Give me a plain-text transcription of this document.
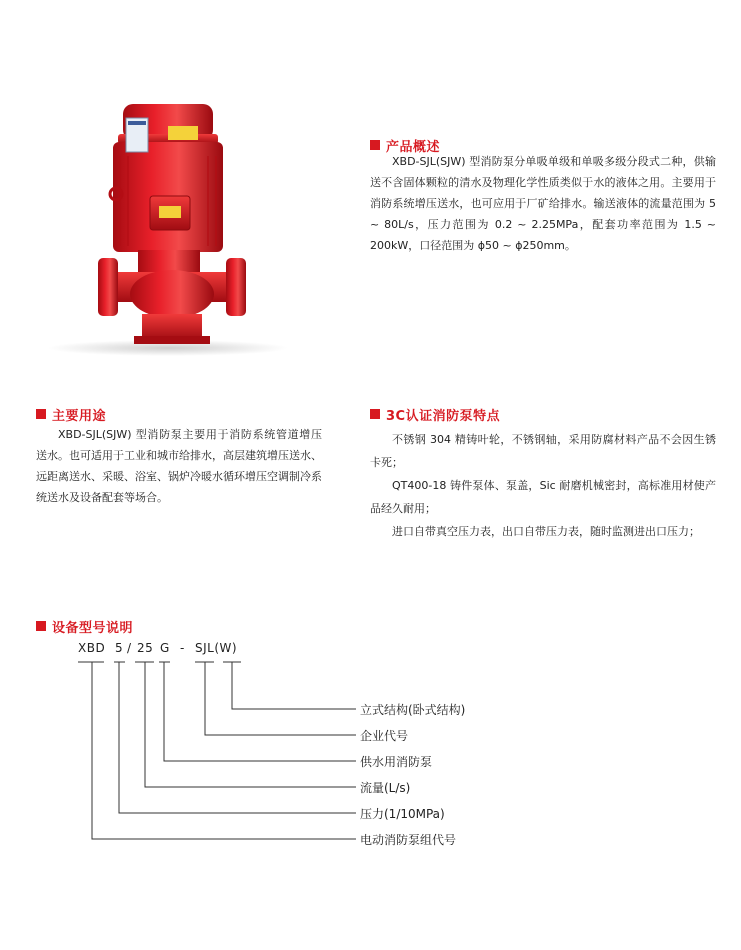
产品概述
XBD-SJL(SJW) 型消防泵分单吸单级和单吸多级分段式二种，供输送不含固体颗粒的清水及物理化学性质类似于水的液体之用。主要用于消防系统增压送水，也可应用于厂矿给排水。输送液体的流量范围为 5 ~ 80L/s，压力范围为 0.2 ~ 2.25MPa，配套功率范围为 1.5 ~ 200kW，口径范围为 ϕ50 ~ ϕ250mm。
主要用途
XBD-SJL(SJW) 型消防泵主要用于消防系统管道增压送水。也可适用于工业和城市给排水，高层建筑增压送水、远距离送水、采暖、浴室、锅炉冷暖水循环增压空调制冷系统送水及设备配套等场合。
3C认证消防泵特点

不锈钢 304 精铸叶轮，不锈钢轴，采用防腐材料产品不会因生锈卡死；

QT400-18 铸件泵体、泵盖，Sic 耐磨机械密封，高标准用材使产品经久耐用；

进口自带真空压力表，出口自带压力表，随时监测进出口压力；

设备型号说明
XBD 5 / 25 G - SJL(W)
立式结构(卧式结构)
企业代号
供水用消防泵
流量(L/s)
压力(1/10MPa)
电动消防泵组代号
